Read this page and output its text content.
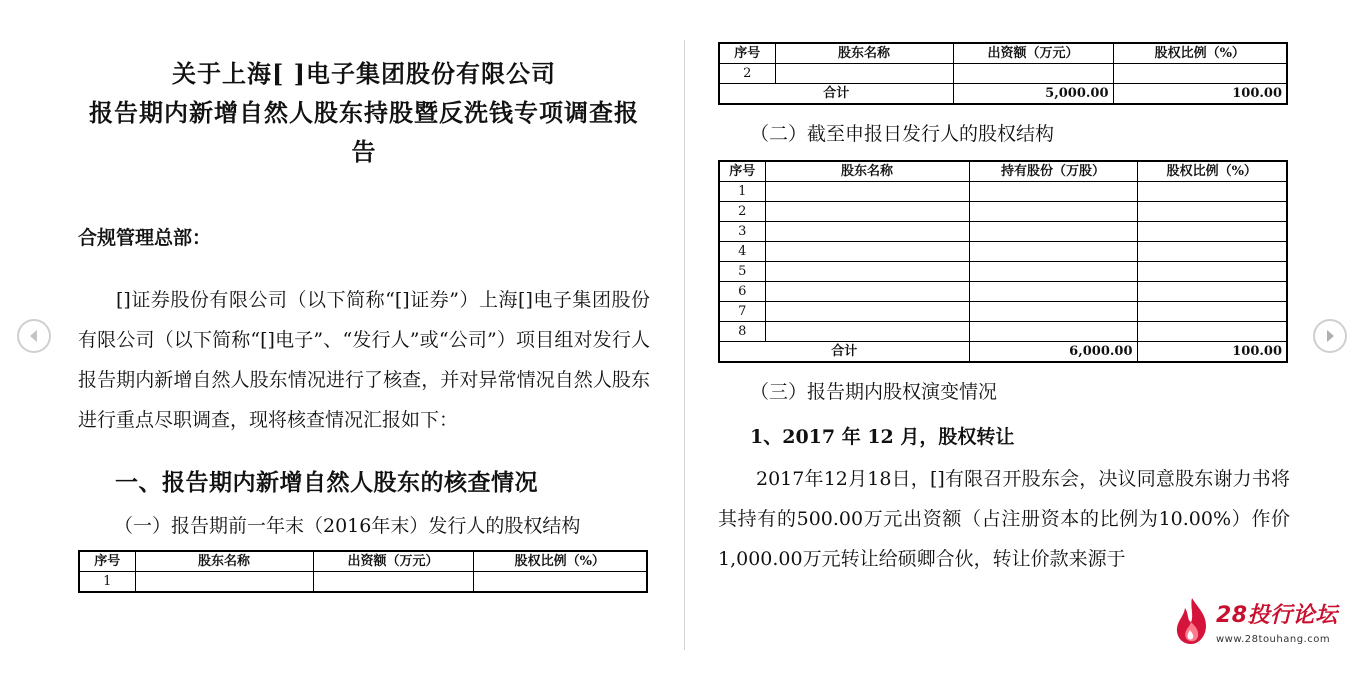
关于上海[ ]电子集团股份有限公司
报告期内新增自然人股东持股暨反洗钱专项调查报告
合规管理总部：

[]证券股份有限公司（以下简称“[]证券”）上海[]电子集团股份有限公司（以下简称“[]电子”、“发行人”或“公司”）项目组对发行人报告期内新增自然人股东情况进行了核查，并对异常情况自然人股东进行重点尽职调查，现将核查情况汇报如下：

一、报告期内新增自然人股东的核查情况
（一）报告期前一年末（2016年末）发行人的股权结构
序号	股东名称	出资额（万元）	股权比例（%）
1			
序号	股东名称	出资额（万元）	股权比例（%）
2			
合计		5,000.00	100.00
（二）截至申报日发行人的股权结构
序号	股东名称	持有股份（万股）	股权比例（%）
1			
2			
3			
4			
5			
6			
7			
8			
合计		6,000.00	100.00
（三）报告期内股权演变情况
1、2017 年 12 月，股权转让

2017年12月18日，[]有限召开股东会，决议同意股东谢力书将其持有的500.00万元出资额（占注册资本的比例为10.00%）作价1,000.00万元转让给硕卿合伙，转让价款来源于

28投行论坛
www.28touhang.com
